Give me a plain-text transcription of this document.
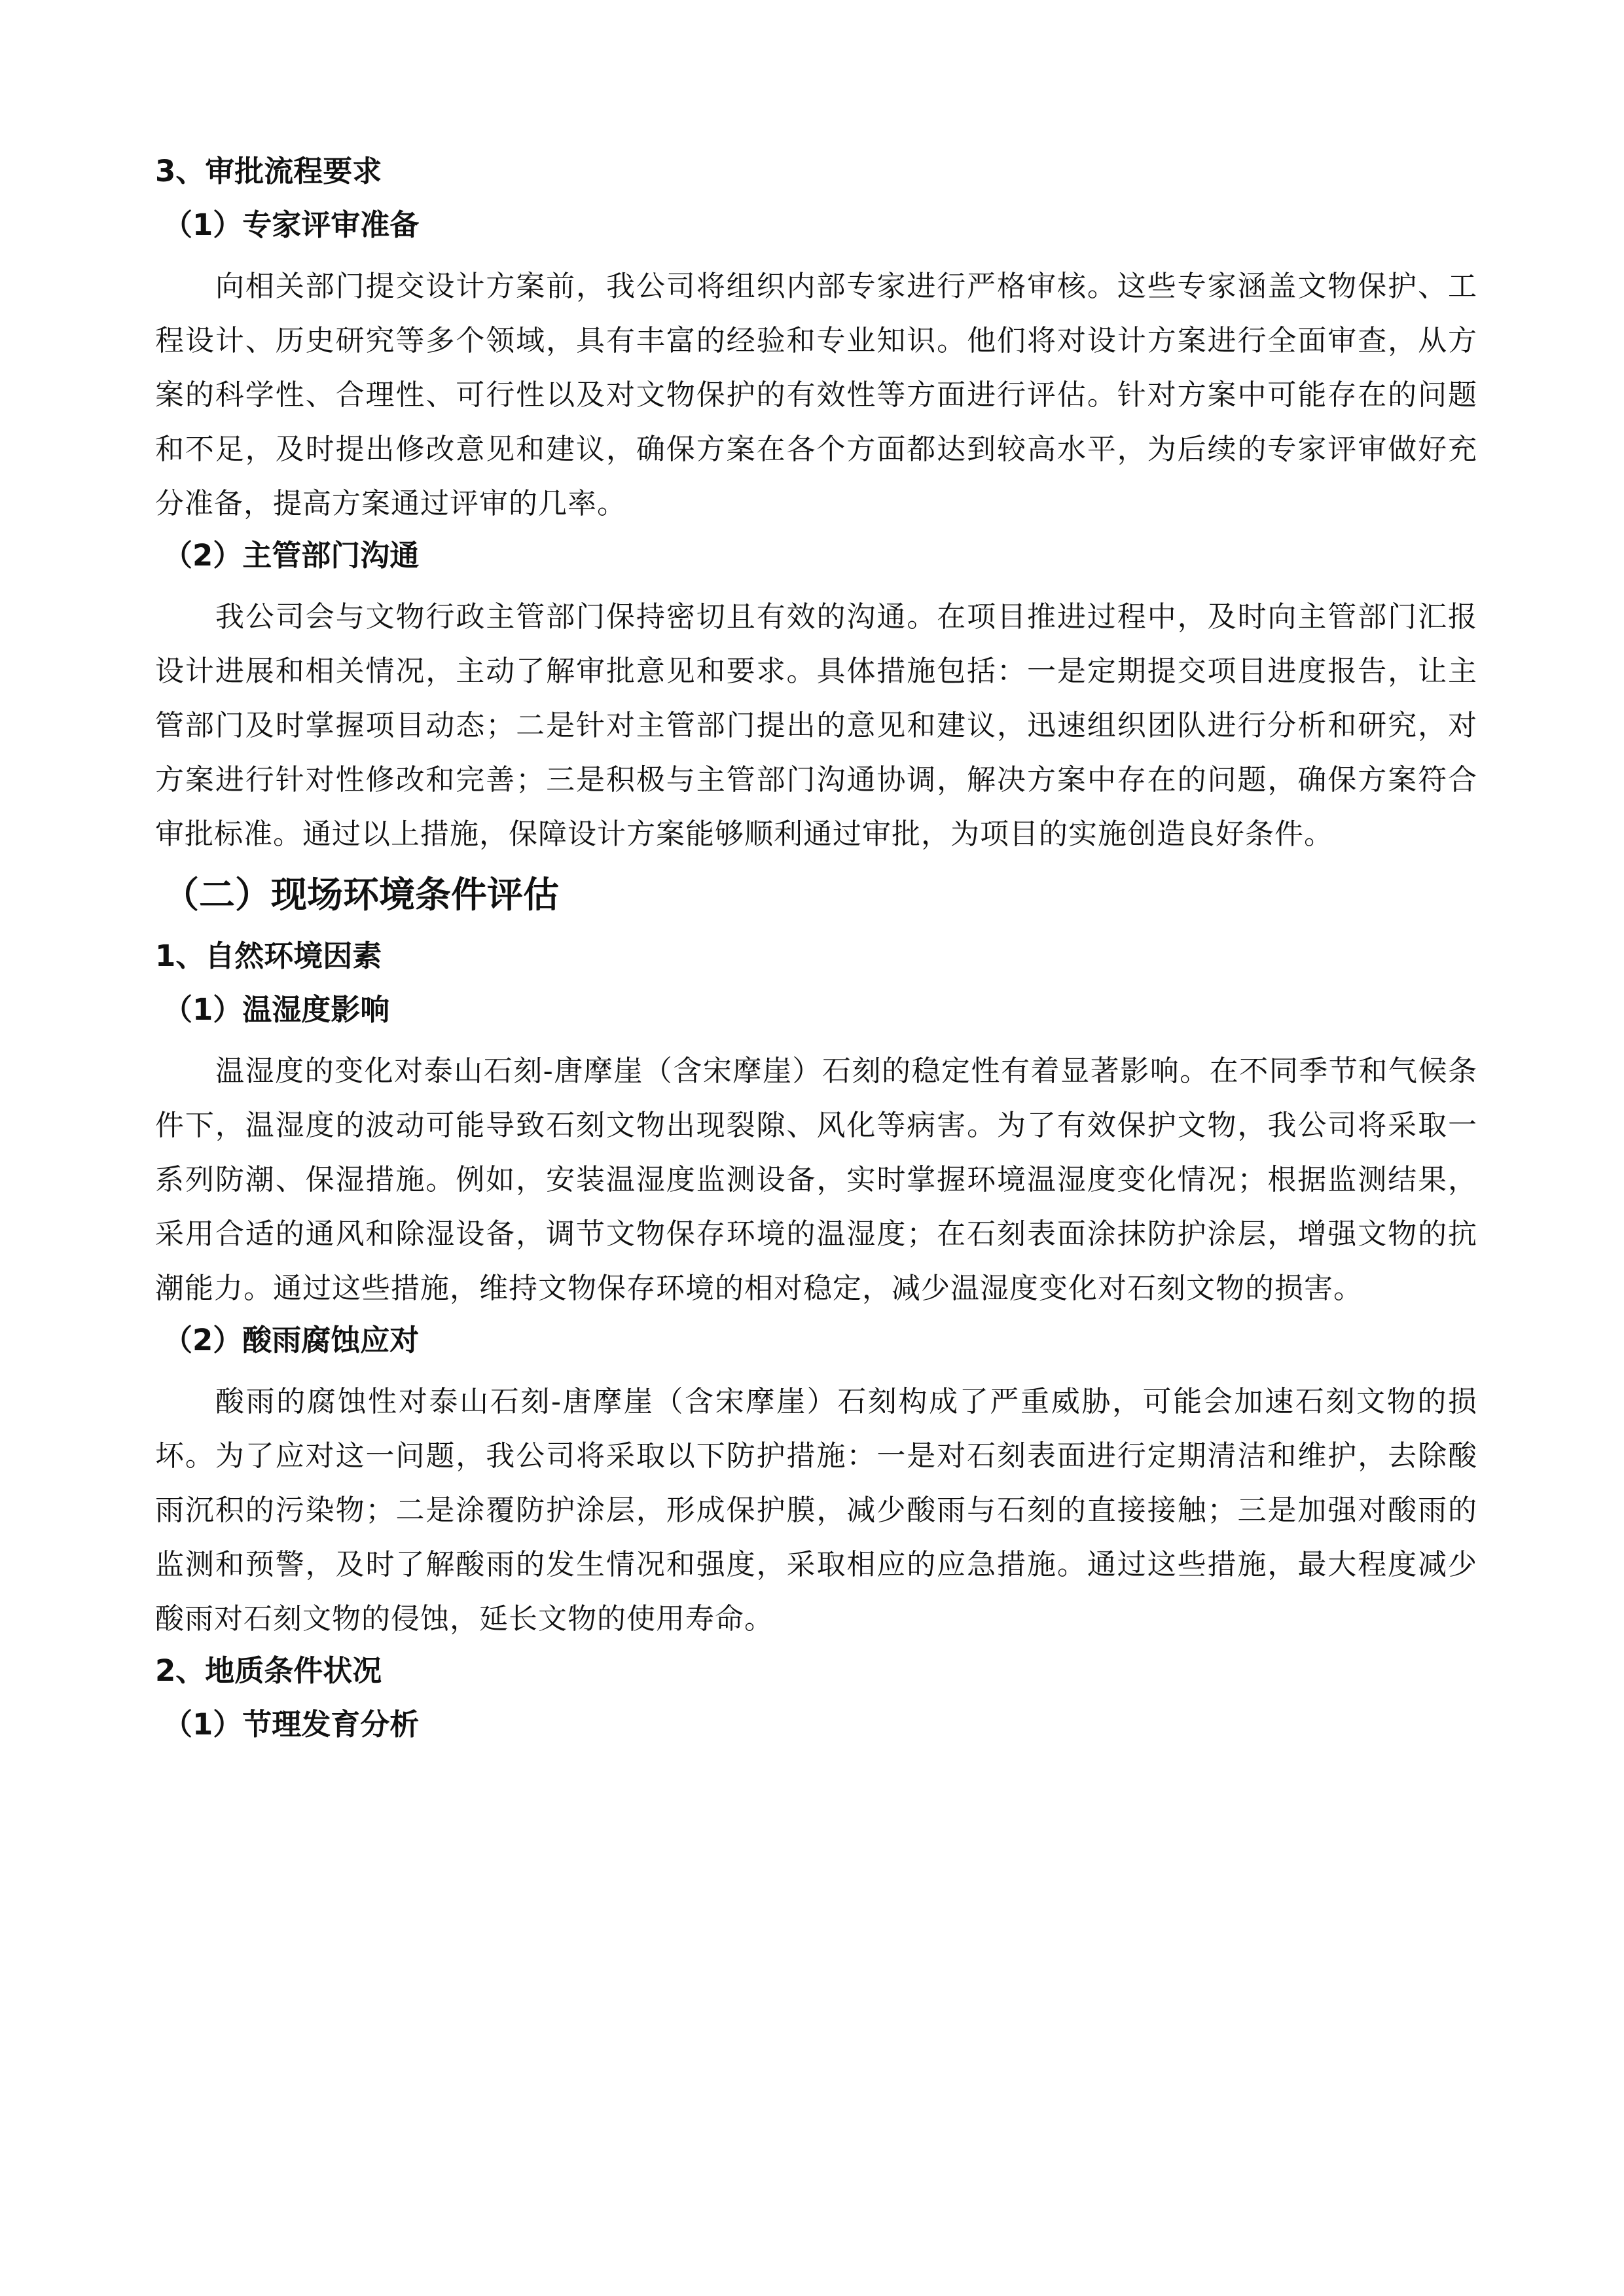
3、审批流程要求
（1）专家评审准备

向相关部门提交设计方案前，我公司将组织内部专家进行严格审核。这些专家涵盖文物保护、工程设计、历史研究等多个领域，具有丰富的经验和专业知识。他们将对设计方案进行全面审查，从方案的科学性、合理性、可行性以及对文物保护的有效性等方面进行评估。针对方案中可能存在的问题和不足，及时提出修改意见和建议，确保方案在各个方面都达到较高水平，为后续的专家评审做好充分准备，提高方案通过评审的几率。

（2）主管部门沟通

我公司会与文物行政主管部门保持密切且有效的沟通。在项目推进过程中，及时向主管部门汇报设计进展和相关情况，主动了解审批意见和要求。具体措施包括：一是定期提交项目进度报告，让主管部门及时掌握项目动态；二是针对主管部门提出的意见和建议，迅速组织团队进行分析和研究，对方案进行针对性修改和完善；三是积极与主管部门沟通协调，解决方案中存在的问题，确保方案符合审批标准。通过以上措施，保障设计方案能够顺利通过审批，为项目的实施创造良好条件。

（二）现场环境条件评估
1、自然环境因素
（1）温湿度影响

温湿度的变化对泰山石刻-唐摩崖（含宋摩崖）石刻的稳定性有着显著影响。在不同季节和气候条件下，温湿度的波动可能导致石刻文物出现裂隙、风化等病害。为了有效保护文物，我公司将采取一系列防潮、保湿措施。例如，安装温湿度监测设备，实时掌握环境温湿度变化情况；根据监测结果，采用合适的通风和除湿设备，调节文物保存环境的温湿度；在石刻表面涂抹防护涂层，增强文物的抗潮能力。通过这些措施，维持文物保存环境的相对稳定，减少温湿度变化对石刻文物的损害。

（2）酸雨腐蚀应对

酸雨的腐蚀性对泰山石刻-唐摩崖（含宋摩崖）石刻构成了严重威胁，可能会加速石刻文物的损坏。为了应对这一问题，我公司将采取以下防护措施：一是对石刻表面进行定期清洁和维护，去除酸雨沉积的污染物；二是涂覆防护涂层，形成保护膜，减少酸雨与石刻的直接接触；三是加强对酸雨的监测和预警，及时了解酸雨的发生情况和强度，采取相应的应急措施。通过这些措施，最大程度减少酸雨对石刻文物的侵蚀，延长文物的使用寿命。

2、地质条件状况
（1）节理发育分析
